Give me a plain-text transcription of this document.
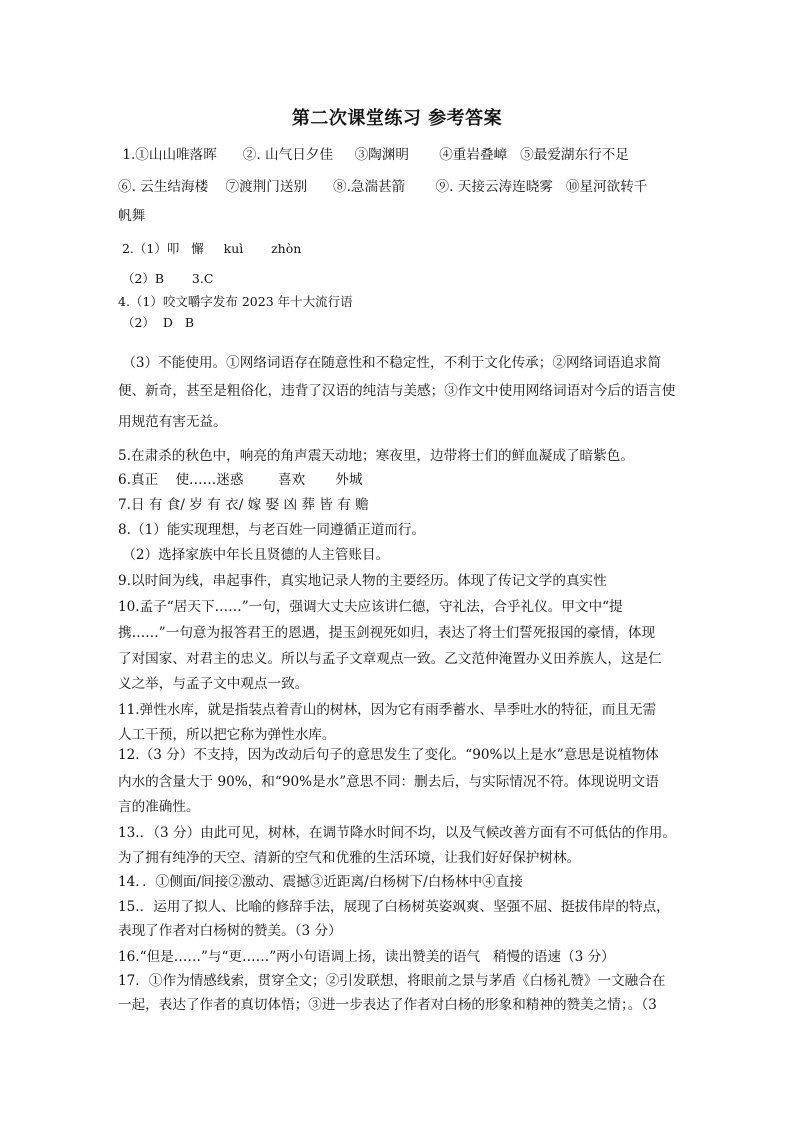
第二次课堂练习 参考答案
1.①山山唯落晖      ②. 山气日夕佳     ③陶渊明       ④重岩叠嶂   ⑤最爱湖东行不足
⑥. 云生结海楼    ⑦渡荆门送别      ⑧.急湍甚箭       ⑨. 天接云涛连晓雾   ⑩星河欲转千
帆舞
2.（1）叩   懈     kuì       zhòn
（2）B       3.C
4.（1）咬文嚼字发布 2023 年十大流行语
（2）  D   B
（3）不能使用。①网络词语存在随意性和不稳定性，不利于文化传承；②网络词语追求简
便、新奇，甚至是粗俗化，违背了汉语的纯洁与美感；③作文中使用网络词语对今后的语言使
用规范有害无益。
5.在肃杀的秋色中，响亮的角声震天动地；寒夜里，边带将士们的鲜血凝成了暗紫色。
6.真正    使……迷惑        喜欢       外城
7.日 有 食/ 岁 有 衣/ 嫁 娶 凶 葬 皆 有 赡
8.（1）能实现理想，与老百姓一同遵循正道而行。
（2）选择家族中年长且贤德的人主管账目。
9.以时间为线，串起事件，真实地记录人物的主要经历。体现了传记文学的真实性
10.孟子“居天下……”一句，强调大丈夫应该讲仁德，守礼法，合乎礼仪。甲文中“提
携……”一句意为报答君王的恩遇，提玉剑视死如归，表达了将士们誓死报国的豪情，体现
了对国家、对君主的忠义。所以与孟子文章观点一致。乙文范仲淹置办义田养族人，这是仁
义之举，与孟子文中观点一致。
11.弹性水库，就是指装点着青山的树林，因为它有雨季蓄水、旱季吐水的特征，而且无需
人工干预，所以把它称为弹性水库。
12.（3 分）不支持，因为改动后句子的意思发生了变化。“90%以上是水”意思是说植物体
内水的含量大于 90%，和“90%是水”意思不同：删去后，与实际情况不符。体现说明文语
言的准确性。
13.．（3 分）由此可见，树林，在调节降水时间不均，以及气候改善方面有不可低估的作用。
为了拥有纯净的天空、清新的空气和优雅的生活环境，让我们好好保护树林。
14．．①侧面/间接②激动、震撼③近距离/白杨树下/白杨林中④直接
15.．运用了拟人、比喻的修辞手法，展现了白杨树英姿飒爽、坚强不屈、挺拔伟岸的特点，
表现了作者对白杨树的赞美。（3 分）
16.“但是……”与“更……”两小句语调上扬，读出赞美的语气   稍慢的语速（3 分）
17．①作为情感线索，贯穿全文；②引发联想，将眼前之景与茅盾《白杨礼赞》一文融合在
一起，表达了作者的真切体悟；③进一步表达了作者对白杨的形象和精神的赞美之情；。（3
